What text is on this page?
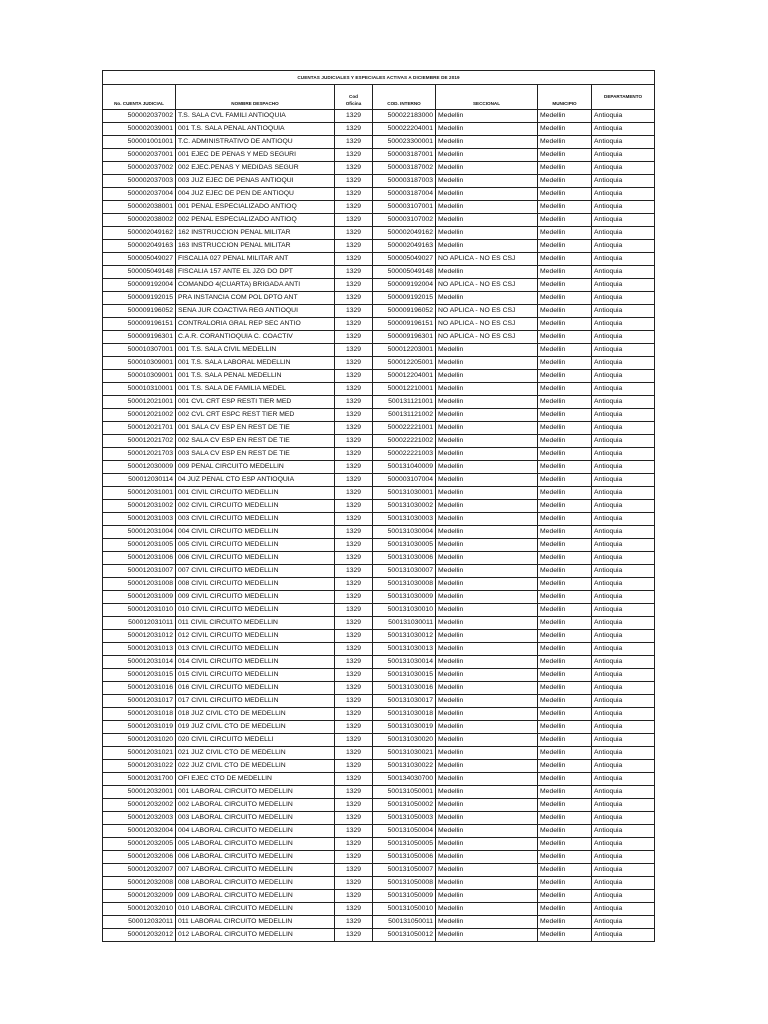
CUENTAS JUDICIALES Y ESPECIALES ACTIVAS A DICIEMBRE DE 2019						
No. CUENTA JUDICIAL	NOMBRE DESPACHO	Cod
Oficina	COD. INTERNO	SECCIONAL	MUNICIPIO	DEPARTAMENTO
500002037002	T.S. SALA CVL FAMILI ANTIOQUIA	1329	500022183000	Medellin	Medellin	Antioquia
500002039001	001 T.S. SALA PENAL ANTIOQUIA	1329	500022204001	Medellin	Medellin	Antioquia
500001001001	T.C. ADMINISTRATIVO DE ANTIOQU	1329	500023300001	Medellin	Medellin	Antioquia
500002037001	001 EJEC DE PENAS Y MED SEGURI	1329	500003187001	Medellin	Medellin	Antioquia
500002037002	002 EJEC.PENAS Y MEDIDAS SEGUR	1329	500003187002	Medellin	Medellin	Antioquia
500002037003	003 JUZ EJEC DE PENAS ANTIOQUI	1329	500003187003	Medellin	Medellin	Antioquia
500002037004	004 JUZ EJEC DE PEN DE ANTIOQU	1329	500003187004	Medellin	Medellin	Antioquia
500002038001	001 PENAL ESPECIALIZADO ANTIOQ	1329	500003107001	Medellin	Medellin	Antioquia
500002038002	002 PENAL ESPECIALIZADO ANTIOQ	1329	500003107002	Medellin	Medellin	Antioquia
500002049162	162 INSTRUCCION PENAL MILITAR	1329	500002049162	Medellin	Medellin	Antioquia
500002049163	163 INSTRUCCION PENAL MILITAR	1329	500002049163	Medellin	Medellin	Antioquia
500005049027	FISCALIA 027 PENAL MILITAR ANT	1329	500005049027	NO APLICA - NO ES CSJ	Medellin	Antioquia
500005049148	FISCALIA 157 ANTE EL JZG DO DPT	1329	500005049148	Medellin	Medellin	Antioquia
500009192004	COMANDO 4(CUARTA) BRIGADA ANTI	1329	500009192004	NO APLICA - NO ES CSJ	Medellin	Antioquia
500009192015	PRA INSTANCIA COM POL DPTO ANT	1329	500009192015	Medellin	Medellin	Antioquia
500009196052	SENA JUR COACTIVA REG ANTIOQUI	1329	500009196052	NO APLICA - NO ES CSJ	Medellin	Antioquia
500009196151	CONTRALORIA GRAL REP SEC ANTIO	1329	500009196151	NO APLICA - NO ES CSJ	Medellin	Antioquia
500009196301	C.A.R. CORANTIOQUIA C. COACTIV	1329	500009196301	NO APLICA - NO ES CSJ	Medellin	Antioquia
500010307001	001 T.S. SALA CIVIL MEDELLIN	1329	500012203001	Medellin	Medellin	Antioquia
500010309001	001 T.S. SALA LABORAL MEDELLIN	1329	500012205001	Medellin	Medellin	Antioquia
500010309001	001 T.S. SALA PENAL MEDELLIN	1329	500012204001	Medellin	Medellin	Antioquia
500010310001	001 T.S. SALA DE FAMILIA MEDEL	1329	500012210001	Medellin	Medellin	Antioquia
500012021001	001 CVL CRT ESP RESTI TIER MED	1329	500131121001	Medellin	Medellin	Antioquia
500012021002	002 CVL CRT ESPC REST TIER MED	1329	500131121002	Medellin	Medellin	Antioquia
500012021701	001 SALA CV ESP EN REST DE TIE	1329	500022221001	Medellin	Medellin	Antioquia
500012021702	002 SALA CV ESP EN REST DE TIE	1329	500022221002	Medellin	Medellin	Antioquia
500012021703	003 SALA CV ESP EN REST DE TIE	1329	500022221003	Medellin	Medellin	Antioquia
500012030009	009 PENAL CIRCUITO MEDELLIN	1329	500131040009	Medellin	Medellin	Antioquia
500012030114	04 JUZ PENAL CTO ESP ANTIOQUIA	1329	500003107004	Medellin	Medellin	Antioquia
500012031001	001 CIVIL CIRCUITO MEDELLIN	1329	500131030001	Medellin	Medellin	Antioquia
500012031002	002 CIVIL CIRCUITO MEDELLIN	1329	500131030002	Medellin	Medellin	Antioquia
500012031003	003 CIVIL CIRCUITO MEDELLIN	1329	500131030003	Medellin	Medellin	Antioquia
500012031004	004 CIVIL CIRCUITO MEDELLIN	1329	500131030004	Medellin	Medellin	Antioquia
500012031005	005 CIVIL CIRCUITO MEDELLIN	1329	500131030005	Medellin	Medellin	Antioquia
500012031006	006 CIVIL CIRCUITO MEDELLIN	1329	500131030006	Medellin	Medellin	Antioquia
500012031007	007 CIVIL CIRCUITO MEDELLIN	1329	500131030007	Medellin	Medellin	Antioquia
500012031008	008 CIVIL CIRCUITO MEDELLIN	1329	500131030008	Medellin	Medellin	Antioquia
500012031009	009 CIVIL CIRCUITO MEDELLIN	1329	500131030009	Medellin	Medellin	Antioquia
500012031010	010 CIVIL CIRCUITO MEDELLIN	1329	500131030010	Medellin	Medellin	Antioquia
500012031011	011 CIVIL CIRCUITO MEDELLIN	1329	500131030011	Medellin	Medellin	Antioquia
500012031012	012 CIVIL CIRCUITO MEDELLIN	1329	500131030012	Medellin	Medellin	Antioquia
500012031013	013 CIVIL CIRCUITO MEDELLIN	1329	500131030013	Medellin	Medellin	Antioquia
500012031014	014 CIVIL CIRCUITO MEDELLIN	1329	500131030014	Medellin	Medellin	Antioquia
500012031015	015 CIVIL CIRCUITO MEDELLIN	1329	500131030015	Medellin	Medellin	Antioquia
500012031016	016 CIVIL CIRCUITO MEDELLIN	1329	500131030016	Medellin	Medellin	Antioquia
500012031017	017 CIVIL CIRCUITO MEDELLIN	1329	500131030017	Medellin	Medellin	Antioquia
500012031018	018 JUZ CIVIL CTO DE MEDELLIN	1329	500131030018	Medellin	Medellin	Antioquia
500012031019	019 JUZ CIVIL CTO DE MEDELLIN	1329	500131030019	Medellin	Medellin	Antioquia
500012031020	020 CIVIL CIRCUITO MEDELLI	1329	500131030020	Medellin	Medellin	Antioquia
500012031021	021 JUZ CIVIL CTO DE MEDELLIN	1329	500131030021	Medellin	Medellin	Antioquia
500012031022	022 JUZ CIVIL CTO DE MEDELLIN	1329	500131030022	Medellin	Medellin	Antioquia
500012031700	OFI EJEC CTO DE MEDELLIN	1329	500134030700	Medellin	Medellin	Antioquia
500012032001	001 LABORAL CIRCUITO MEDELLIN	1329	500131050001	Medellin	Medellin	Antioquia
500012032002	002 LABORAL CIRCUITO MEDELLIN	1329	500131050002	Medellin	Medellin	Antioquia
500012032003	003 LABORAL CIRCUITO MEDELLIN	1329	500131050003	Medellin	Medellin	Antioquia
500012032004	004 LABORAL CIRCUITO MEDELLIN	1329	500131050004	Medellin	Medellin	Antioquia
500012032005	005 LABORAL CIRCUITO MEDELLIN	1329	500131050005	Medellin	Medellin	Antioquia
500012032006	006 LABORAL CIRCUITO MEDELLIN	1329	500131050006	Medellin	Medellin	Antioquia
500012032007	007 LABORAL CIRCUITO MEDELLIN	1329	500131050007	Medellin	Medellin	Antioquia
500012032008	008 LABORAL CIRCUITO MEDELLIN	1329	500131050008	Medellin	Medellin	Antioquia
500012032009	009 LABORAL CIRCUITO MEDELLIN	1329	500131050009	Medellin	Medellin	Antioquia
500012032010	010 LABORAL CIRCUITO MEDELLIN	1329	500131050010	Medellin	Medellin	Antioquia
500012032011	011 LABORAL CIRCUITO MEDELLIN	1329	500131050011	Medellin	Medellin	Antioquia
500012032012	012 LABORAL CIRCUITO MEDELLIN	1329	500131050012	Medellin	Medellin	Antioquia
